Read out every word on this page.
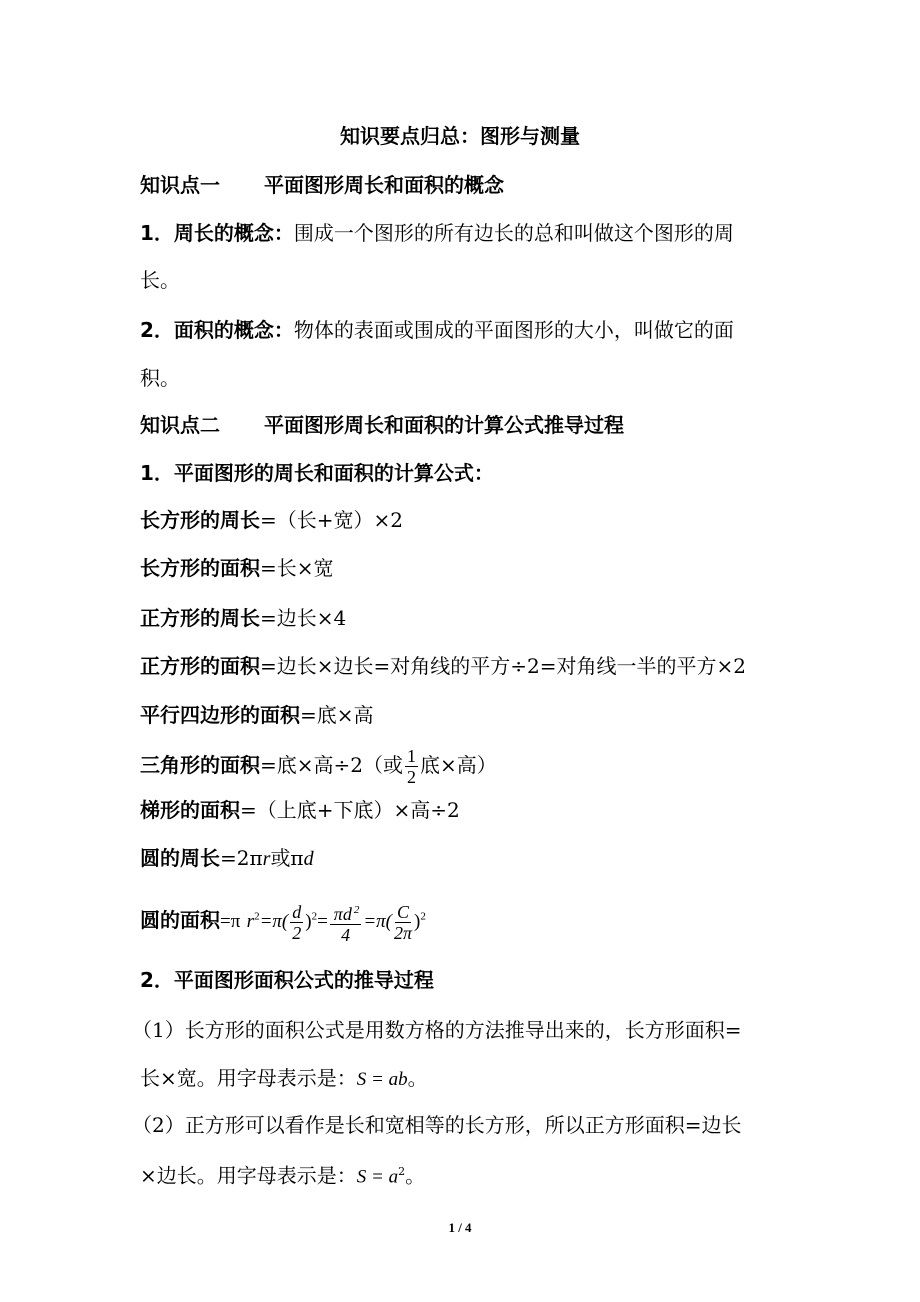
知识要点归总：图形与测量
知识点一 平面图形周长和面积的概念
1．周长的概念：围成一个图形的所有边长的总和叫做这个图形的周
长。
2．面积的概念：物体的表面或围成的平面图形的大小，叫做它的面
积。
知识点二 平面图形周长和面积的计算公式推导过程
1．平面图形的周长和面积的计算公式：
长方形的周长=（长+宽）×2
长方形的面积=长×宽
正方形的周长=边长×4
正方形的面积=边长×边长=对角线的平方÷2=对角线一半的平方×2
平行四边形的面积=底×高
三角形的面积=底×高÷2（或 $\frac{1}{2}$ 底×高）
梯形的面积=（上底+下底）×高÷2
圆的周长=2πr或πd
圆的面积=π $r^2=\pi( \frac{d}{2} )^2= \frac{\pi d ^2}{4} =\pi( \frac{C}{2\pi} )^2$
2．平面图形面积公式的推导过程
（1）长方形的面积公式是用数方格的方法推导出来的，长方形面积=
长×宽。用字母表示是：S = ab。
（2）正方形可以看作是长和宽相等的长方形，所以正方形面积=边长
×边长。用字母表示是：$S = a^2$。
1 / 4
